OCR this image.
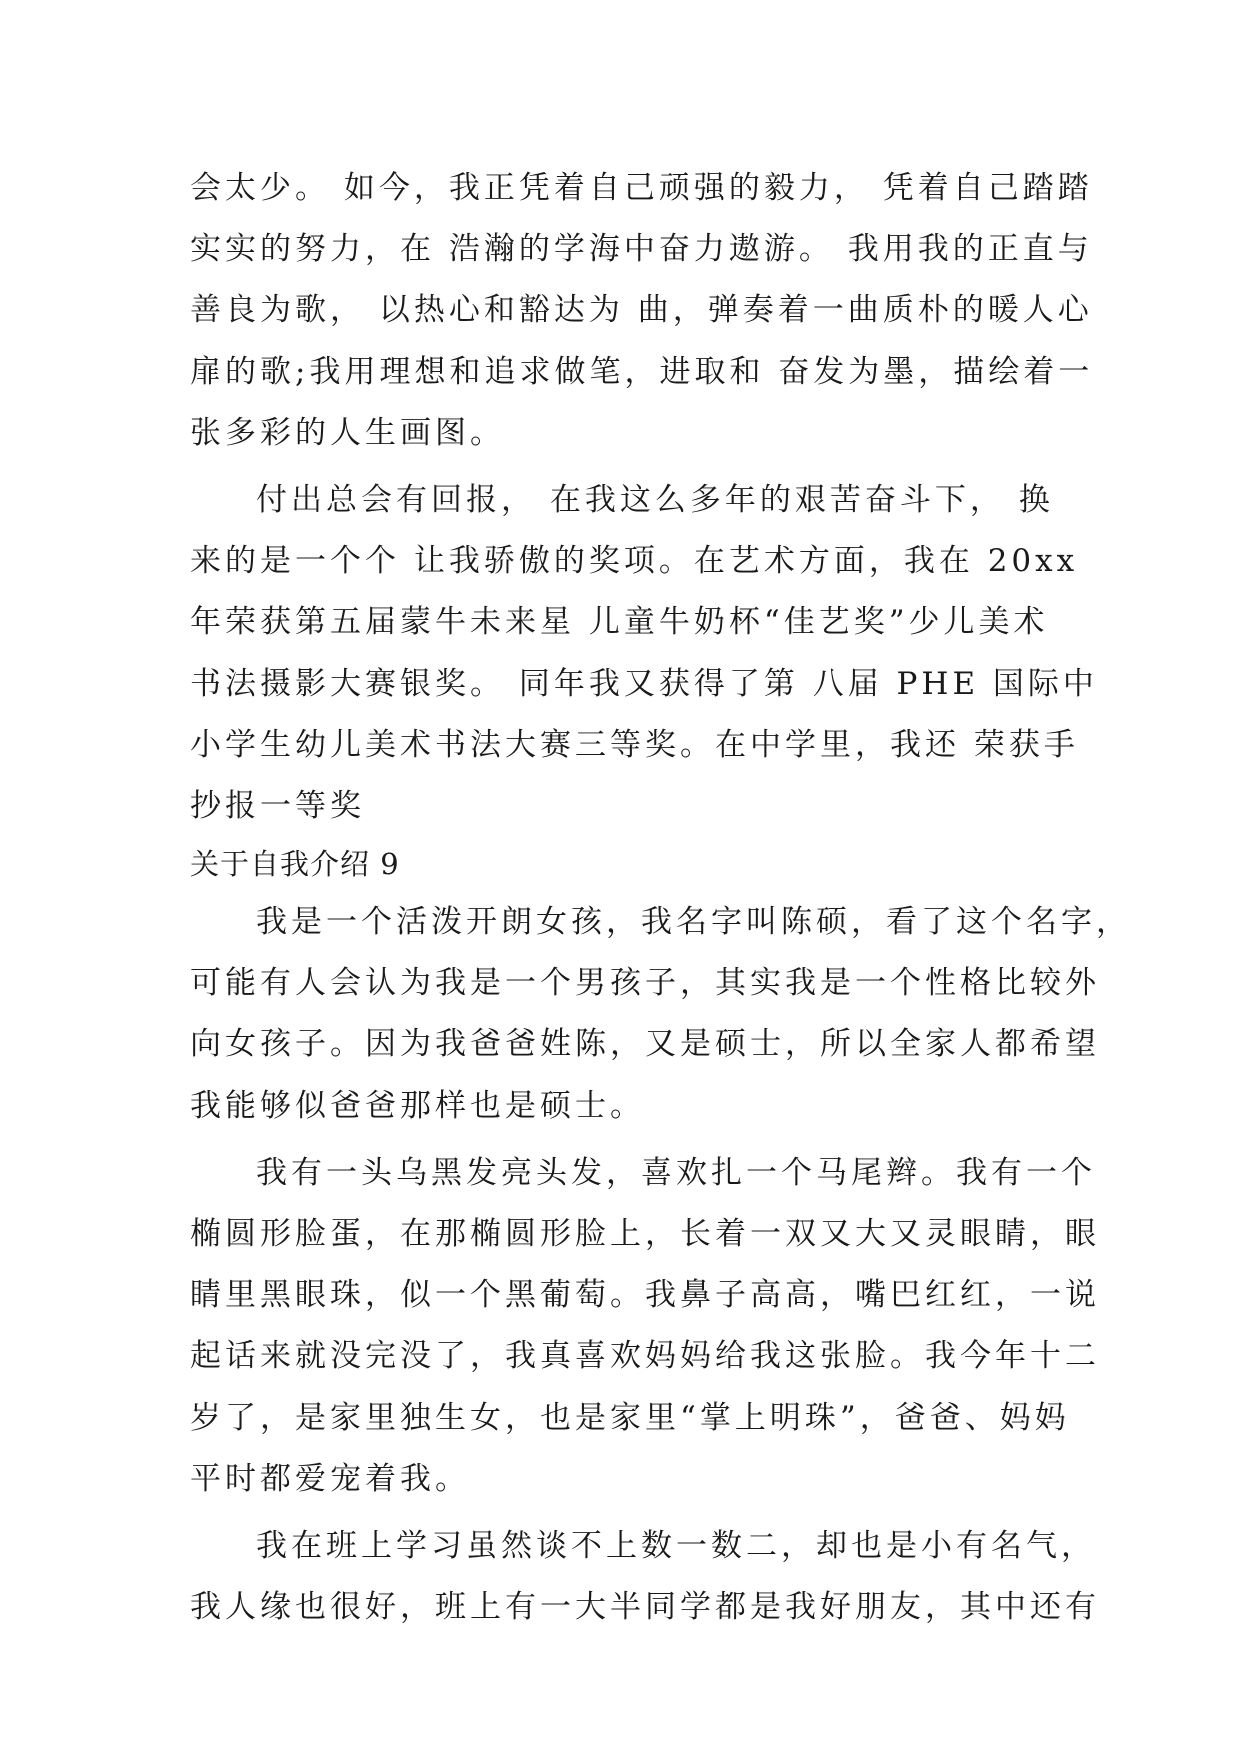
会太少。 如今，我正凭着自己顽强的毅力， 凭着自己踏踏
实实的努力，在 浩瀚的学海中奋力遨游。 我用我的正直与
善良为歌， 以热心和豁达为 曲，弹奏着一曲质朴的暖人心
扉的歌;我用理想和追求做笔，进取和 奋发为墨，描绘着一
张多彩的人生画图。
付出总会有回报， 在我这么多年的艰苦奋斗下， 换
来的是一个个 让我骄傲的奖项。在艺术方面，我在 20xx
年荣获第五届蒙牛未来星 儿童牛奶杯“佳艺奖”少儿美术
书法摄影大赛银奖。 同年我又获得了第 八届 PHE 国际中
小学生幼儿美术书法大赛三等奖。在中学里，我还 荣获手
抄报一等奖
关于自我介绍 9
我是一个活泼开朗女孩，我名字叫陈硕，看了这个名字，
可能有人会认为我是一个男孩子，其实我是一个性格比较外
向女孩子。因为我爸爸姓陈，又是硕士，所以全家人都希望
我能够似爸爸那样也是硕士。
我有一头乌黑发亮头发，喜欢扎一个马尾辫。我有一个
椭圆形脸蛋，在那椭圆形脸上，长着一双又大又灵眼睛，眼
睛里黑眼珠，似一个黑葡萄。我鼻子高高，嘴巴红红，一说
起话来就没完没了，我真喜欢妈妈给我这张脸。我今年十二
岁了，是家里独生女，也是家里“掌上明珠”，爸爸、妈妈
平时都爱宠着我。
我在班上学习虽然谈不上数一数二，却也是小有名气，
我人缘也很好，班上有一大半同学都是我好朋友，其中还有
